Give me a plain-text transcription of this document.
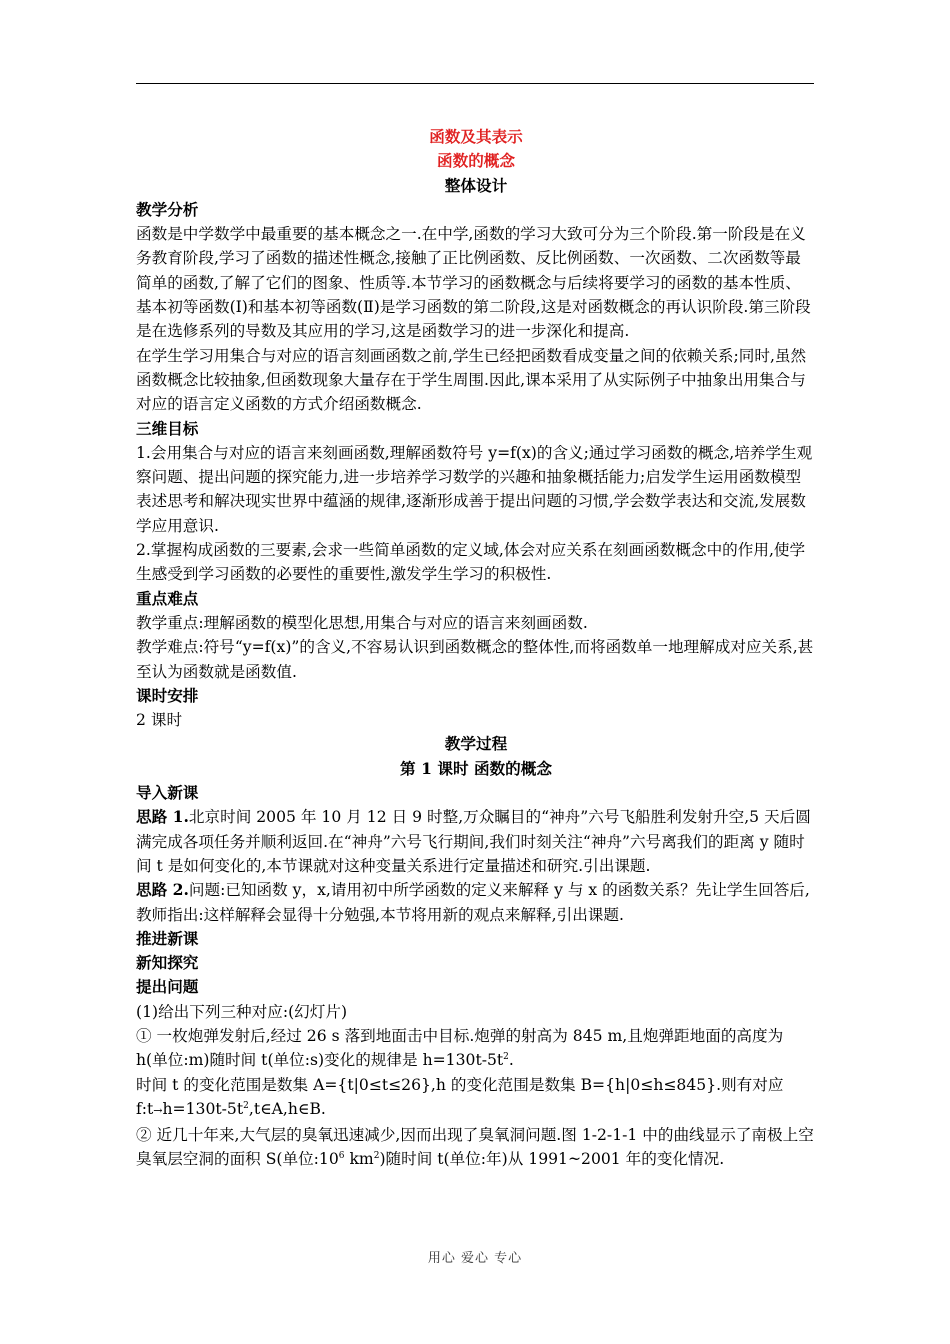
函数及其表示

函数的概念

整体设计

教学分析

函数是中学数学中最重要的基本概念之一.在中学,函数的学习大致可分为三个阶段.第一阶段是在义务教育阶段,学习了函数的描述性概念,接触了正比例函数、反比例函数、一次函数、二次函数等最简单的函数,了解了它们的图象、性质等.本节学习的函数概念与后续将要学习的函数的基本性质、基本初等函数(I)和基本初等函数(Ⅱ)是学习函数的第二阶段,这是对函数概念的再认识阶段.第三阶段是在选修系列的导数及其应用的学习,这是函数学习的进一步深化和提高.

在学生学习用集合与对应的语言刻画函数之前,学生已经把函数看成变量之间的依赖关系;同时,虽然函数概念比较抽象,但函数现象大量存在于学生周围.因此,课本采用了从实际例子中抽象出用集合与对应的语言定义函数的方式介绍函数概念.

三维目标

1.会用集合与对应的语言来刻画函数,理解函数符号 y=f(x)的含义;通过学习函数的概念,培养学生观察问题、提出问题的探究能力,进一步培养学习数学的兴趣和抽象概括能力;启发学生运用函数模型表述思考和解决现实世界中蕴涵的规律,逐渐形成善于提出问题的习惯,学会数学表达和交流,发展数学应用意识.

2.掌握构成函数的三要素,会求一些简单函数的定义域,体会对应关系在刻画函数概念中的作用,使学生感受到学习函数的必要性的重要性,激发学生学习的积极性.

重点难点

教学重点:理解函数的模型化思想,用集合与对应的语言来刻画函数.

教学难点:符号“y=f(x)”的含义,不容易认识到函数概念的整体性,而将函数单一地理解成对应关系,甚至认为函数就是函数值.

课时安排

2 课时

教学过程

第 1 课时 函数的概念

导入新课

思路 1.北京时间 2005 年 10 月 12 日 9 时整,万众瞩目的“神舟”六号飞船胜利发射升空,5 天后圆满完成各项任务并顺利返回.在“神舟”六号飞行期间,我们时刻关注“神舟”六号离我们的距离 y 随时间 t 是如何变化的,本节课就对这种变量关系进行定量描述和研究.引出课题.

思路 2.问题:已知函数 y，x,请用初中所学函数的定义来解释 y 与 x 的函数关系？先让学生回答后,教师指出:这样解释会显得十分勉强,本节将用新的观点来解释,引出课题.

推进新课

新知探究

提出问题

(1)给出下列三种对应:(幻灯片)

① 一枚炮弹发射后,经过 26 s 落到地面击中目标.炮弹的射高为 845 m,且炮弹距地面的高度为 h(单位:m)随时间 t(单位:s)变化的规律是 $h=130t-5t^2$.

时间 t 的变化范围是数集 A={t|0≤t≤26},h 的变化范围是数集 B={h|0≤h≤845}.则有对应

$f:t\to h=130t-5t^2,t\in A,h\in B$.

② 近几十年来,大气层的臭氧迅速减少,因而出现了臭氧洞问题.图 1-2-1-1 中的曲线显示了南极上空臭氧层空洞的面积 S(单位$:10^6$ $km^2$)随时间 t(单位:年)从 1991~2001 年的变化情况.

用心 爱心 专心
